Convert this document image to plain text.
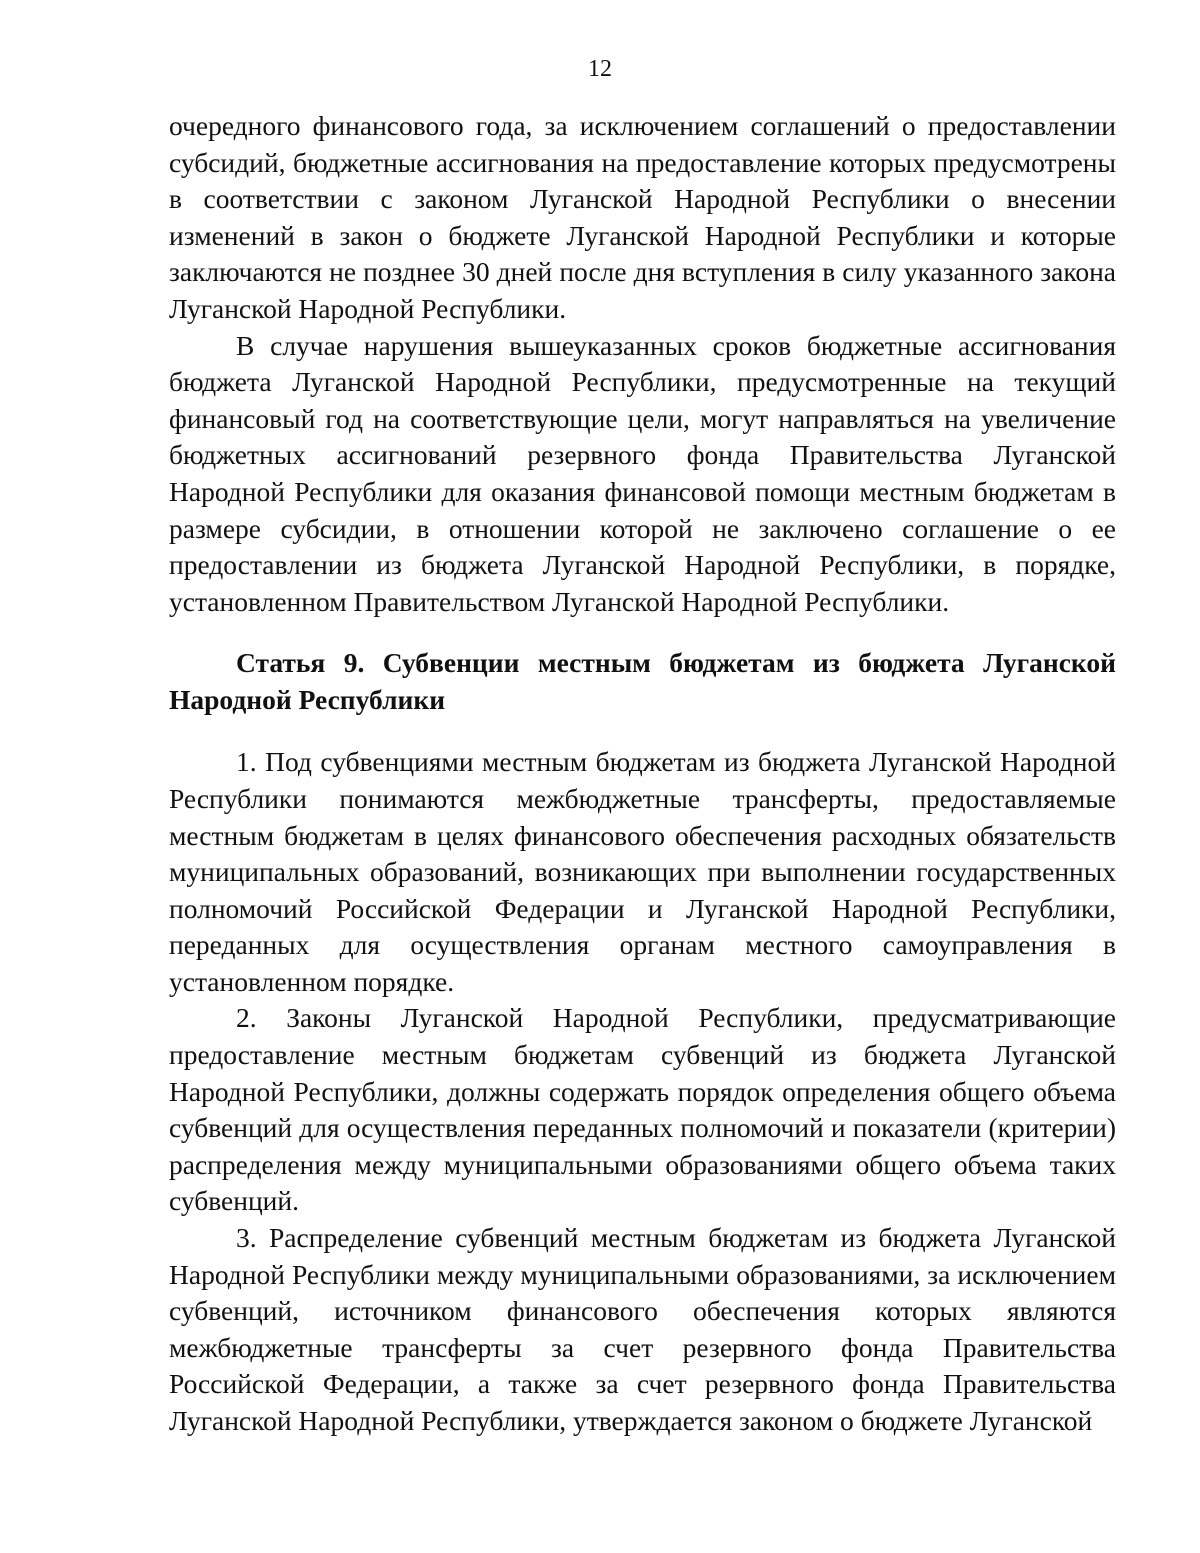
12

очередного финансового года, за исключением соглашений о предоставлении субсидий, бюджетные ассигнования на предоставление которых предусмотрены в соответствии с законом Луганской Народной Республики о внесении изменений в закон о бюджете Луганской Народной Республики и которые заключаются не позднее 30 дней после дня вступления в силу указанного закона Луганской Народной Республики.

В случае нарушения вышеуказанных сроков бюджетные ассигнования бюджета Луганской Народной Республики, предусмотренные на текущий финансовый год на соответствующие цели, могут направляться на увеличение бюджетных ассигнований резервного фонда Правительства Луганской Народной Республики для оказания финансовой помощи местным бюджетам в размере субсидии, в отношении которой не заключено соглашение о ее предоставлении из бюджета Луганской Народной Республики, в порядке, установленном Правительством Луганской Народной Республики.

Статья 9. Субвенции местным бюджетам из бюджета Луганской Народной Республики

1. Под субвенциями местным бюджетам из бюджета Луганской Народной Республики понимаются межбюджетные трансферты, предоставляемые местным бюджетам в целях финансового обеспечения расходных обязательств муниципальных образований, возникающих при выполнении государственных полномочий Российской Федерации и Луганской Народной Республики, переданных для осуществления органам местного самоуправления в установленном порядке.

2. Законы Луганской Народной Республики, предусматривающие предоставление местным бюджетам субвенций из бюджета Луганской Народной Республики, должны содержать порядок определения общего объема субвенций для осуществления переданных полномочий и показатели (критерии) распределения между муниципальными образованиями общего объема таких субвенций.

3. Распределение субвенций местным бюджетам из бюджета Луганской Народной Республики между муниципальными образованиями, за исключением субвенций, источником финансового обеспечения которых являются межбюджетные трансферты за счет резервного фонда Правительства Российской Федерации, а также за счет резервного фонда Правительства Луганской Народной Республики, утверждается законом о бюджете Луганской
